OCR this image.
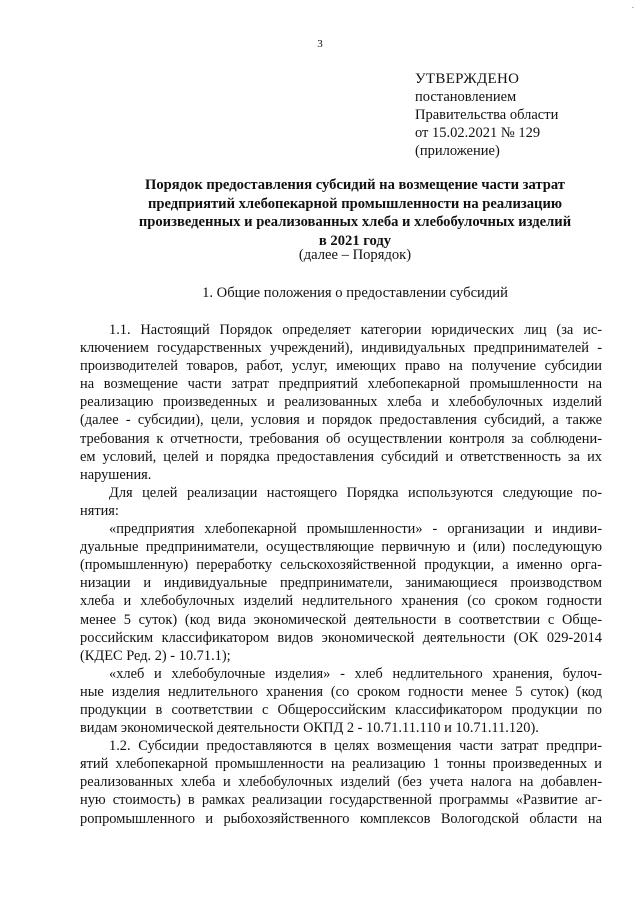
3
.
УТВЕРЖДЕНО
постановлением
Правительства области
от 15.02.2021 № 129
(приложение)
Порядок предоставления субсидий на возмещение части затрат
предприятий хлебопекарной промышленности на реализацию
произведенных и реализованных хлеба и хлебобулочных изделий
в 2021 году
(далее – Порядок)
1. Общие положения о предоставлении субсидий
1.1. Настоящий Порядок определяет категории юридических лиц (за ис-
ключением государственных учреждений), индивидуальных предпринимателей -
производителей товаров, работ, услуг, имеющих право на получение субсидии
на возмещение части затрат предприятий хлебопекарной промышленности на
реализацию произведенных и реализованных хлеба и хлебобулочных изделий
(далее - субсидии), цели, условия и порядок предоставления субсидий, а также
требования к отчетности, требования об осуществлении контроля за соблюдени-
ем условий, целей и порядка предоставления субсидий и ответственность за их
нарушения.
Для целей реализации настоящего Порядка используются следующие по-
нятия:
«предприятия хлебопекарной промышленности» - организации и индиви-
дуальные предприниматели, осуществляющие первичную и (или) последующую
(промышленную) переработку сельскохозяйственной продукции, а именно орга-
низации и индивидуальные предприниматели, занимающиеся производством
хлеба и хлебобулочных изделий недлительного хранения (со сроком годности
менее 5 суток) (код вида экономической деятельности в соответствии с Обще-
российским классификатором видов экономической деятельности (ОК 029-2014
(КДЕС Ред. 2) - 10.71.1);
«хлеб и хлебобулочные изделия» - хлеб недлительного хранения, булоч-
ные изделия недлительного хранения (со сроком годности менее 5 суток) (код
продукции в соответствии с Общероссийским классификатором продукции по
видам экономической деятельности ОКПД 2 - 10.71.11.110 и 10.71.11.120).
1.2. Субсидии предоставляются в целях возмещения части затрат предпри-
ятий хлебопекарной промышленности на реализацию 1 тонны произведенных и
реализованных хлеба и хлебобулочных изделий (без учета налога на добавлен-
ную стоимость) в рамках реализации государственной программы «Развитие аг-
ропромышленного и рыбохозяйственного комплексов Вологодской области на
